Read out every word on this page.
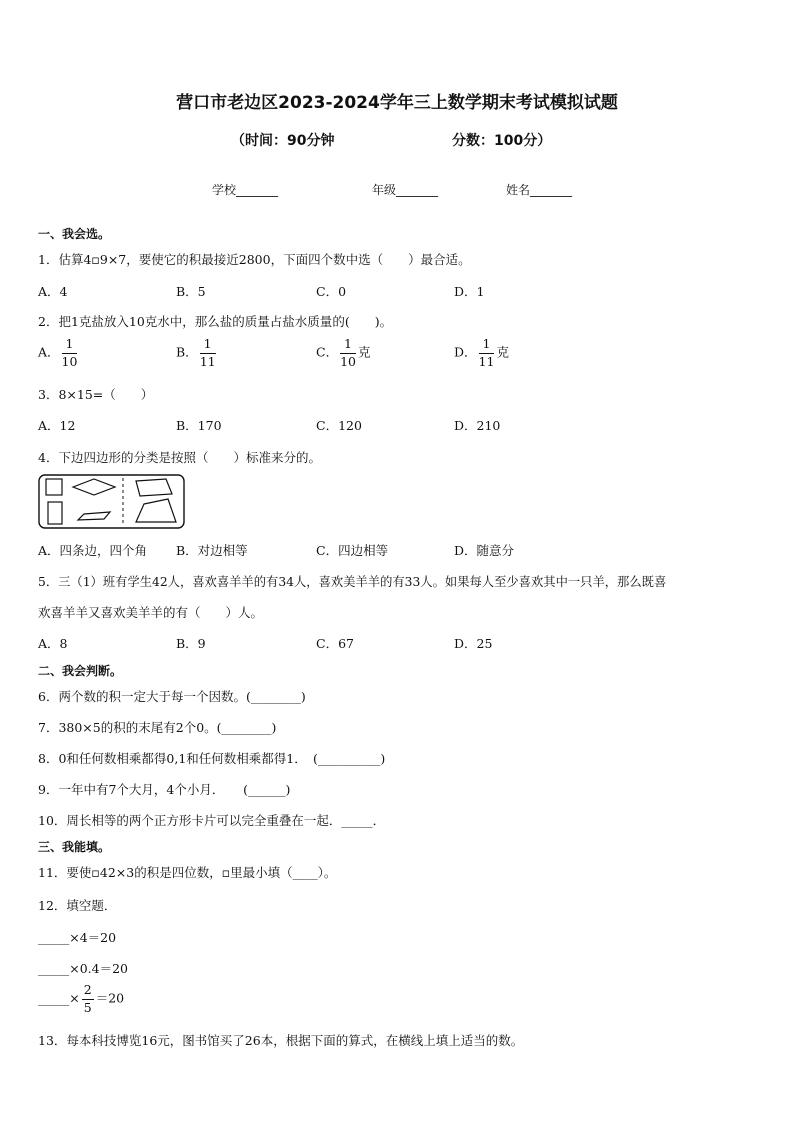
营口市老边区2023-2024学年三上数学期末考试模拟试题
（时间：90分钟	分数：100分）
学校_______	年级_______	姓名_______
一、我会选。
1．估算4▫9×7，要使它的积最接近2800，下面四个数中选（　　）最合适。
A．4	B．5	C．0	D．1
2．把1克盐放入10克水中，那么盐的质量占盐水质量的(　　)。
A． $\frac{1}{10}$	B． $\frac{1}{11}$	C． $\frac{1}{10}$ 克	D． $\frac{1}{11}$ 克
3．8×15=（　　）
A．12	B．170	C．120	D．210
4．下边四边形的分类是按照（　　）标准来分的。
A．四条边，四个角 B．对边相等	C．四边相等	D．随意分
5．三（1）班有学生42人，喜欢喜羊羊的有34人，喜欢美羊羊的有33人。如果每人至少喜欢其中一只羊，那么既喜
欢喜羊羊又喜欢美羊羊的有（　　）人。
A．8	B．9	C．67	D．25
二、我会判断。
6．两个数的积一定大于每一个因数。(________)
7．380×5的积的末尾有2个0。(________)
8．0和任何数相乘都得0,1和任何数相乘都得1．　(__________)
9．一年中有7个大月，4个小月．　　(______)
10．周长相等的两个正方形卡片可以完全重叠在一起．_____．
三、我能填。
11．要使▫42×3的积是四位数，▫里最小填（____）。
12．填空题．
_____×4＝20
_____×0.4＝20
_____× $\frac{2}{5} =20$
13．每本科技博览16元，图书馆买了26本，根据下面的算式，在横线上填上适当的数。
